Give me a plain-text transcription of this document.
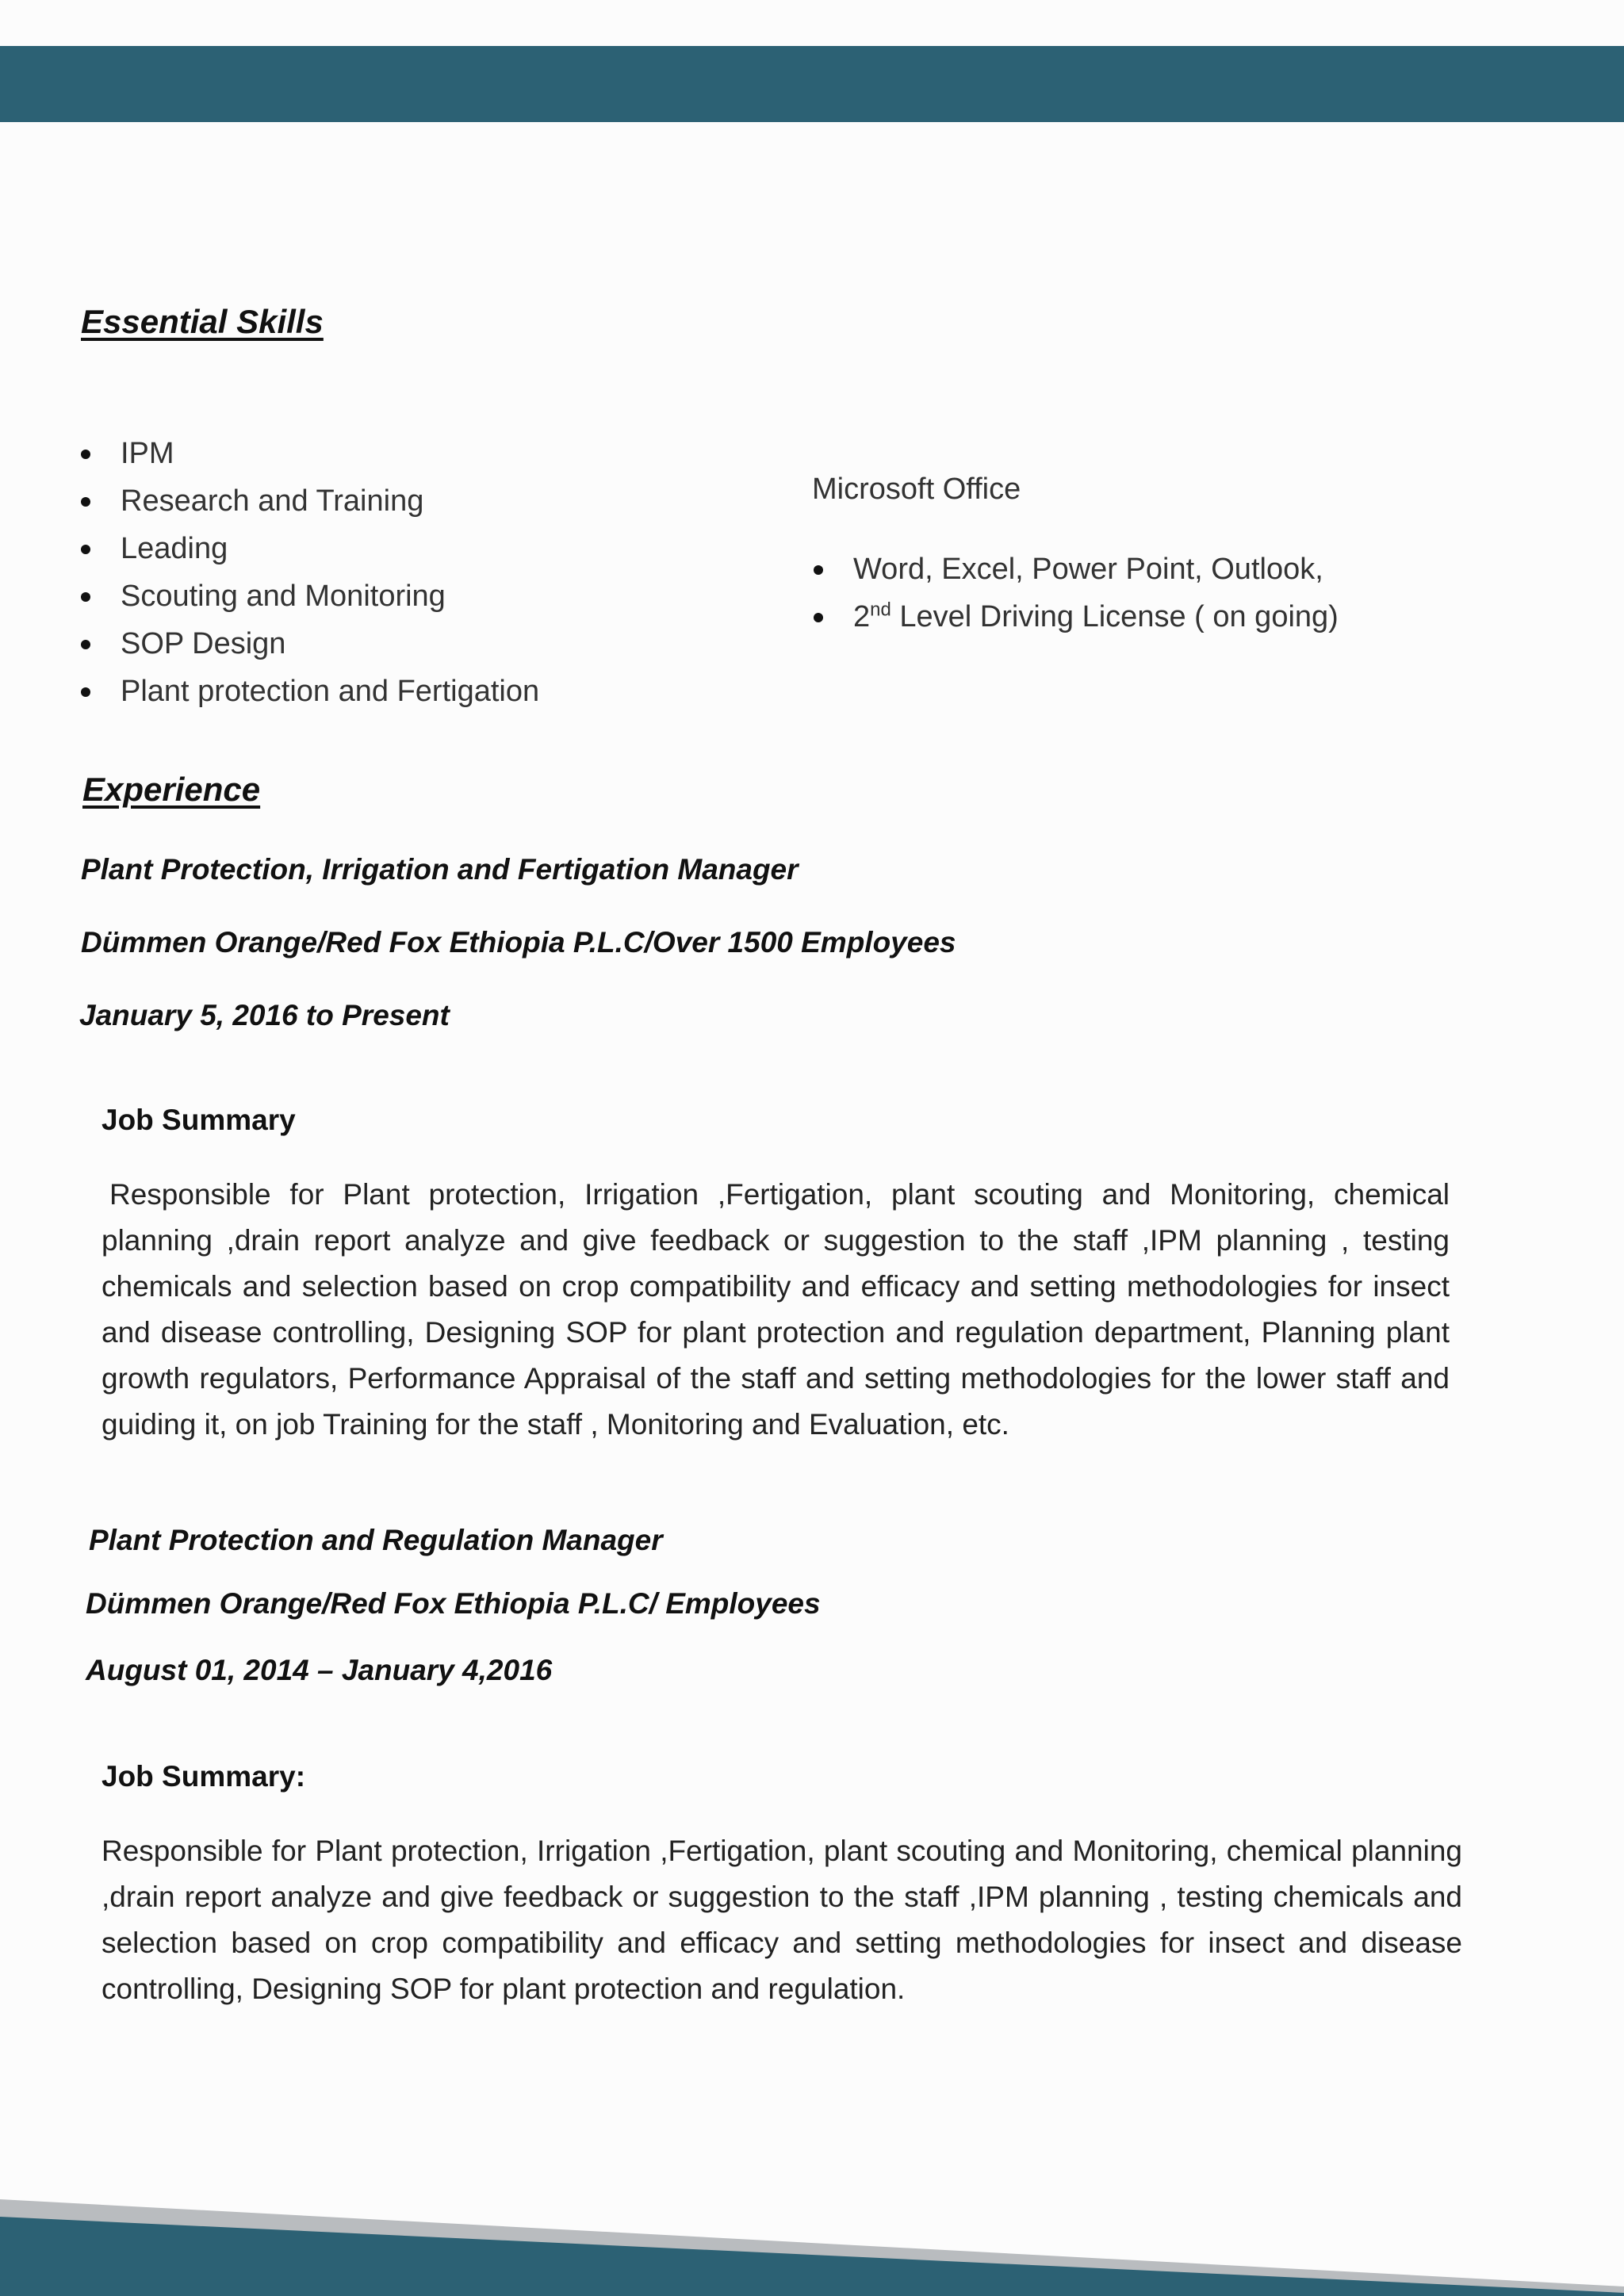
Essential Skills
IPM
Research and Training
Leading
Scouting and Monitoring
SOP Design
Plant protection and Fertigation
Microsoft Office
Word, Excel, Power Point, Outlook,
2nd Level Driving License ( on going)
Experience

Plant Protection, Irrigation and Fertigation Manager

Dümmen Orange/Red Fox Ethiopia P.L.C/Over 1500 Employees

January 5, 2016 to Present

Job Summary

Responsible for Plant protection, Irrigation ,Fertigation, plant scouting and Monitoring, chemical planning ,drain report analyze and give feedback or suggestion to the staff ,IPM planning , testing chemicals and selection based on crop compatibility and efficacy and setting methodologies for insect and disease controlling, Designing SOP for plant protection and regulation department, Planning plant growth regulators, Performance Appraisal of the staff and setting methodologies for the lower staff and guiding it, on job Training for the staff , Monitoring and Evaluation, etc.

Plant Protection and Regulation Manager

Dümmen Orange/Red Fox Ethiopia P.L.C/ Employees

August 01, 2014 – January 4,2016

Job Summary:

Responsible for Plant protection, Irrigation ,Fertigation, plant scouting and Monitoring, chemical planning ,drain report analyze and give feedback or suggestion to the staff ,IPM planning , testing chemicals and selection based on crop compatibility and efficacy and setting methodologies for insect and disease controlling, Designing SOP for plant protection and regulation.
